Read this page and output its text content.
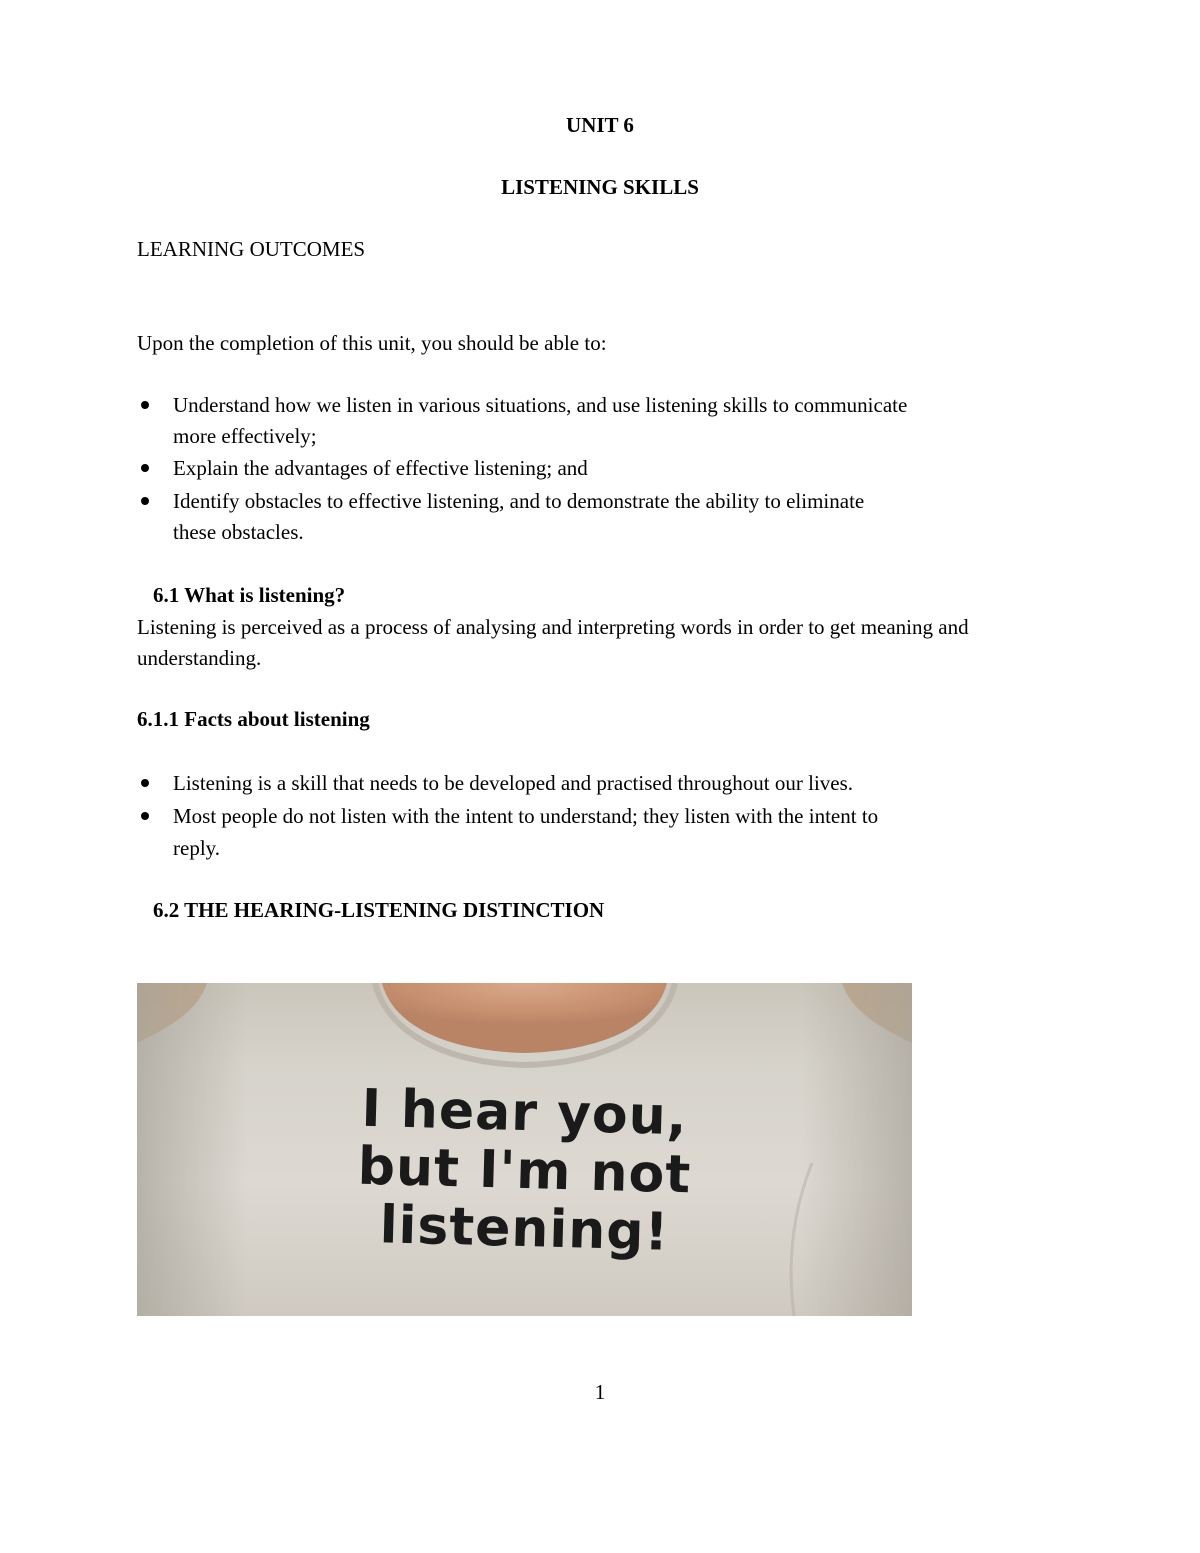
UNIT 6
LISTENING SKILLS
LEARNING OUTCOMES
Upon the completion of this unit, you should be able to:
Understand how we listen in various situations, and use listening skills to communicate
more effectively;
Explain the advantages of effective listening; and
Identify obstacles to effective listening, and to demonstrate the ability to eliminate
these obstacles.
6.1 What is listening?
Listening is perceived as a process of analysing and interpreting words in order to get meaning and
understanding.
6.1.1 Facts about listening
Listening is a skill that needs to be developed and practised throughout our lives.
Most people do not listen with the intent to understand; they listen with the intent to
reply.
6.2 THE HEARING-LISTENING DISTINCTION
I hear you,
but I'm not
listening!
1
